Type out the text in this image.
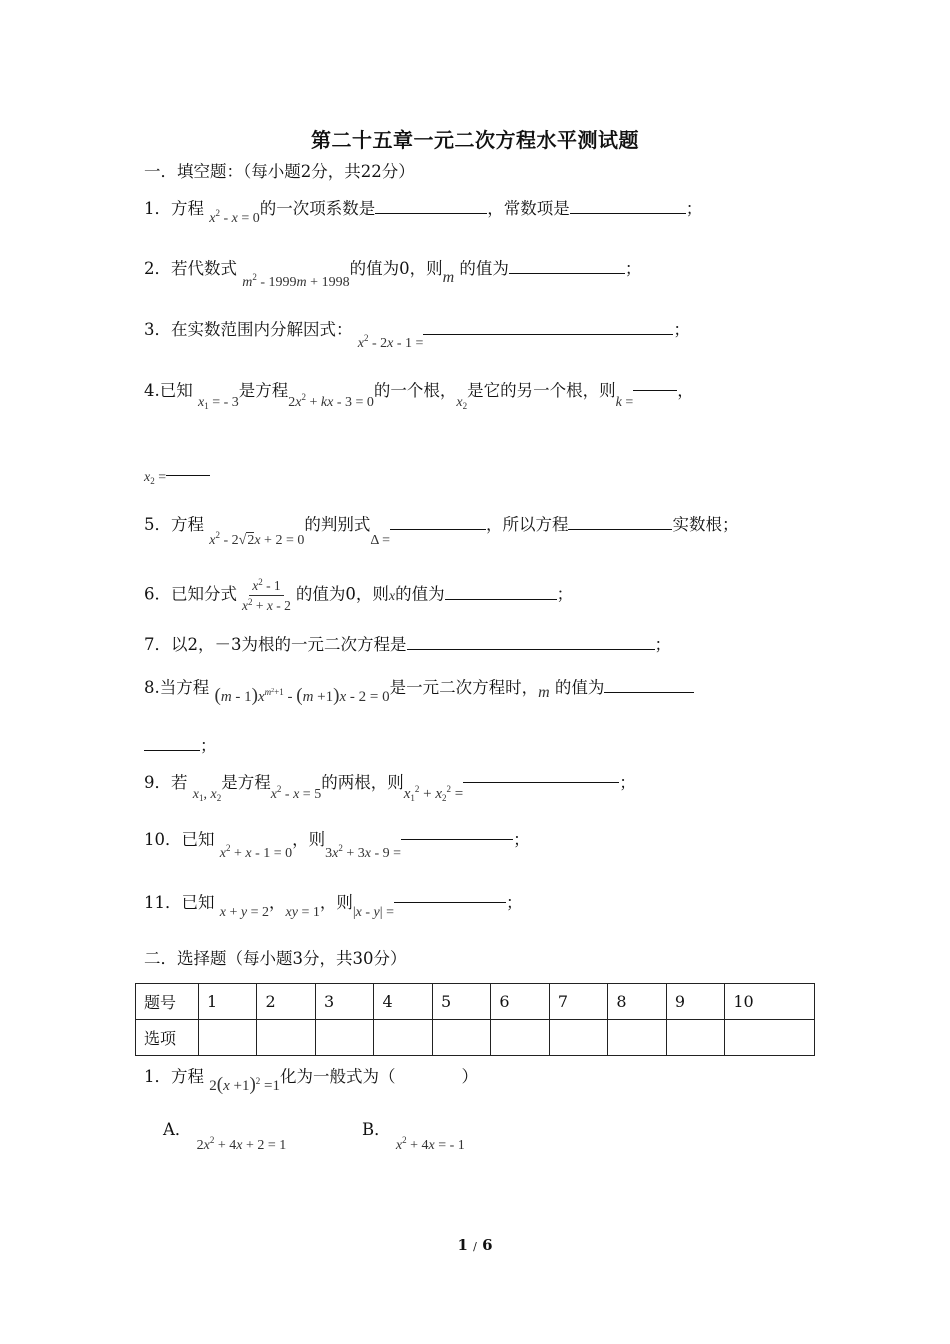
第二十五章一元二次方程水平测试题
一．填空题：（每小题2分，共22分）
1．方程 $_{x^2 - x = 0}$的一次项系数是	，常数项是	；
2．若代数式 $_{m^2 - 1999m + 1998}$的值为0，则m 的值为	；
3．在实数范围内分解因式： $_{x^2 - 2x - 1 =}$；
4.已知 $_{x_1 = - 3}$是方程$_{2x^2 + kx - 3 = 0}$的一个根，$_{x_2}$是它的另一个根，则$_{k =}$，
$x_2$ =
5．方程 $_{x^2 - 2√2x + 2 = 0}$的判别式$_{\Delta =}$，所以方程	实数根；
6．已知分式 $\frac{x^2 - 1}{x^2 + x - 2}$ 的值为0，则x的值为	；
7．以2，－3为根的一元二次方程是	；
8.当方程 $(m - 1)x^{m^2+1} - (m +1)x - 2 = 0$是一元二次方程时，m 的值为
；
9．若 $_{x_1, x_2}$是方程$_{x^2 - x = 5}$的两根，则$x_1^2 + x_2^2$ =；
10．已知 $_{x^2 + x - 1 = 0}$，则$_{3x^2 + 3x - 9 =}$；
11．已知 $_{x + y = 2}$，$_{xy = 1}$，则$_{|x - y| =}$；
二．选择题（每小题3分，共30分）
题号	1	2	3	4	5	6	7	8	9	10
选项										
1．方程 $2(x +1)^2 =1$化为一般式为（	）
A． $_{2x^2 + 4x + 2 = 1}$
B． $_{x^2 + 4x = - 1}$
1 / 6
